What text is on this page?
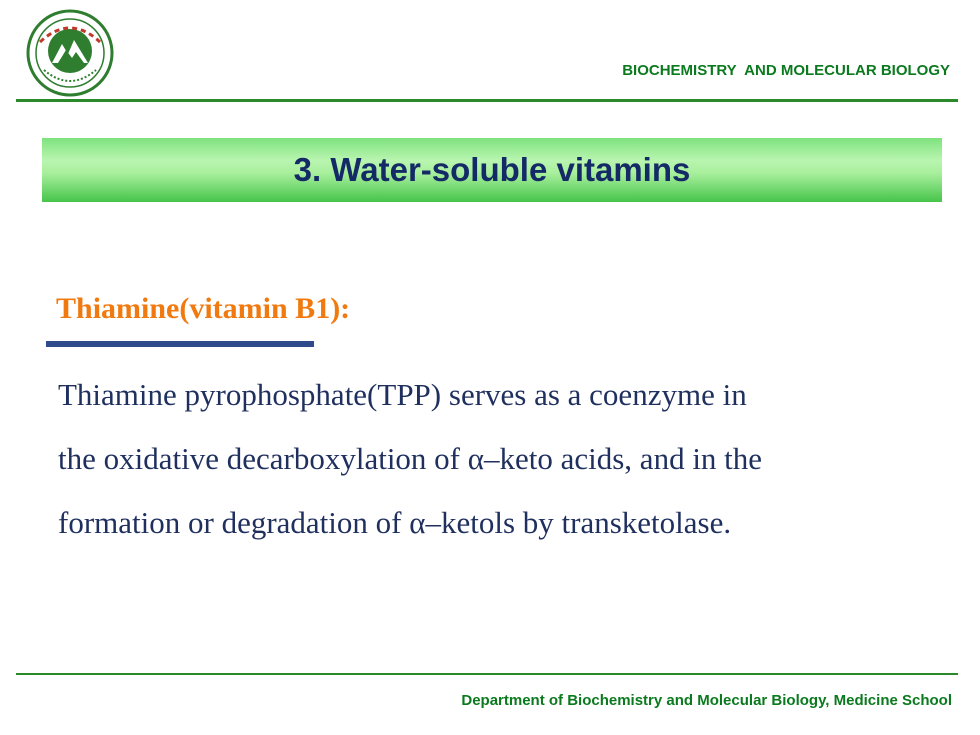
BIOCHEMISTRY  AND MOLECULAR BIOLOGY
3. Water-soluble vitamins
Thiamine(vitamin B1):
Thiamine pyrophosphate(TPP) serves as a coenzyme in
the oxidative decarboxylation of α–keto acids, and in the
formation or degradation of α–ketols by transketolase.
Department of Biochemistry and Molecular Biology, Medicine School
